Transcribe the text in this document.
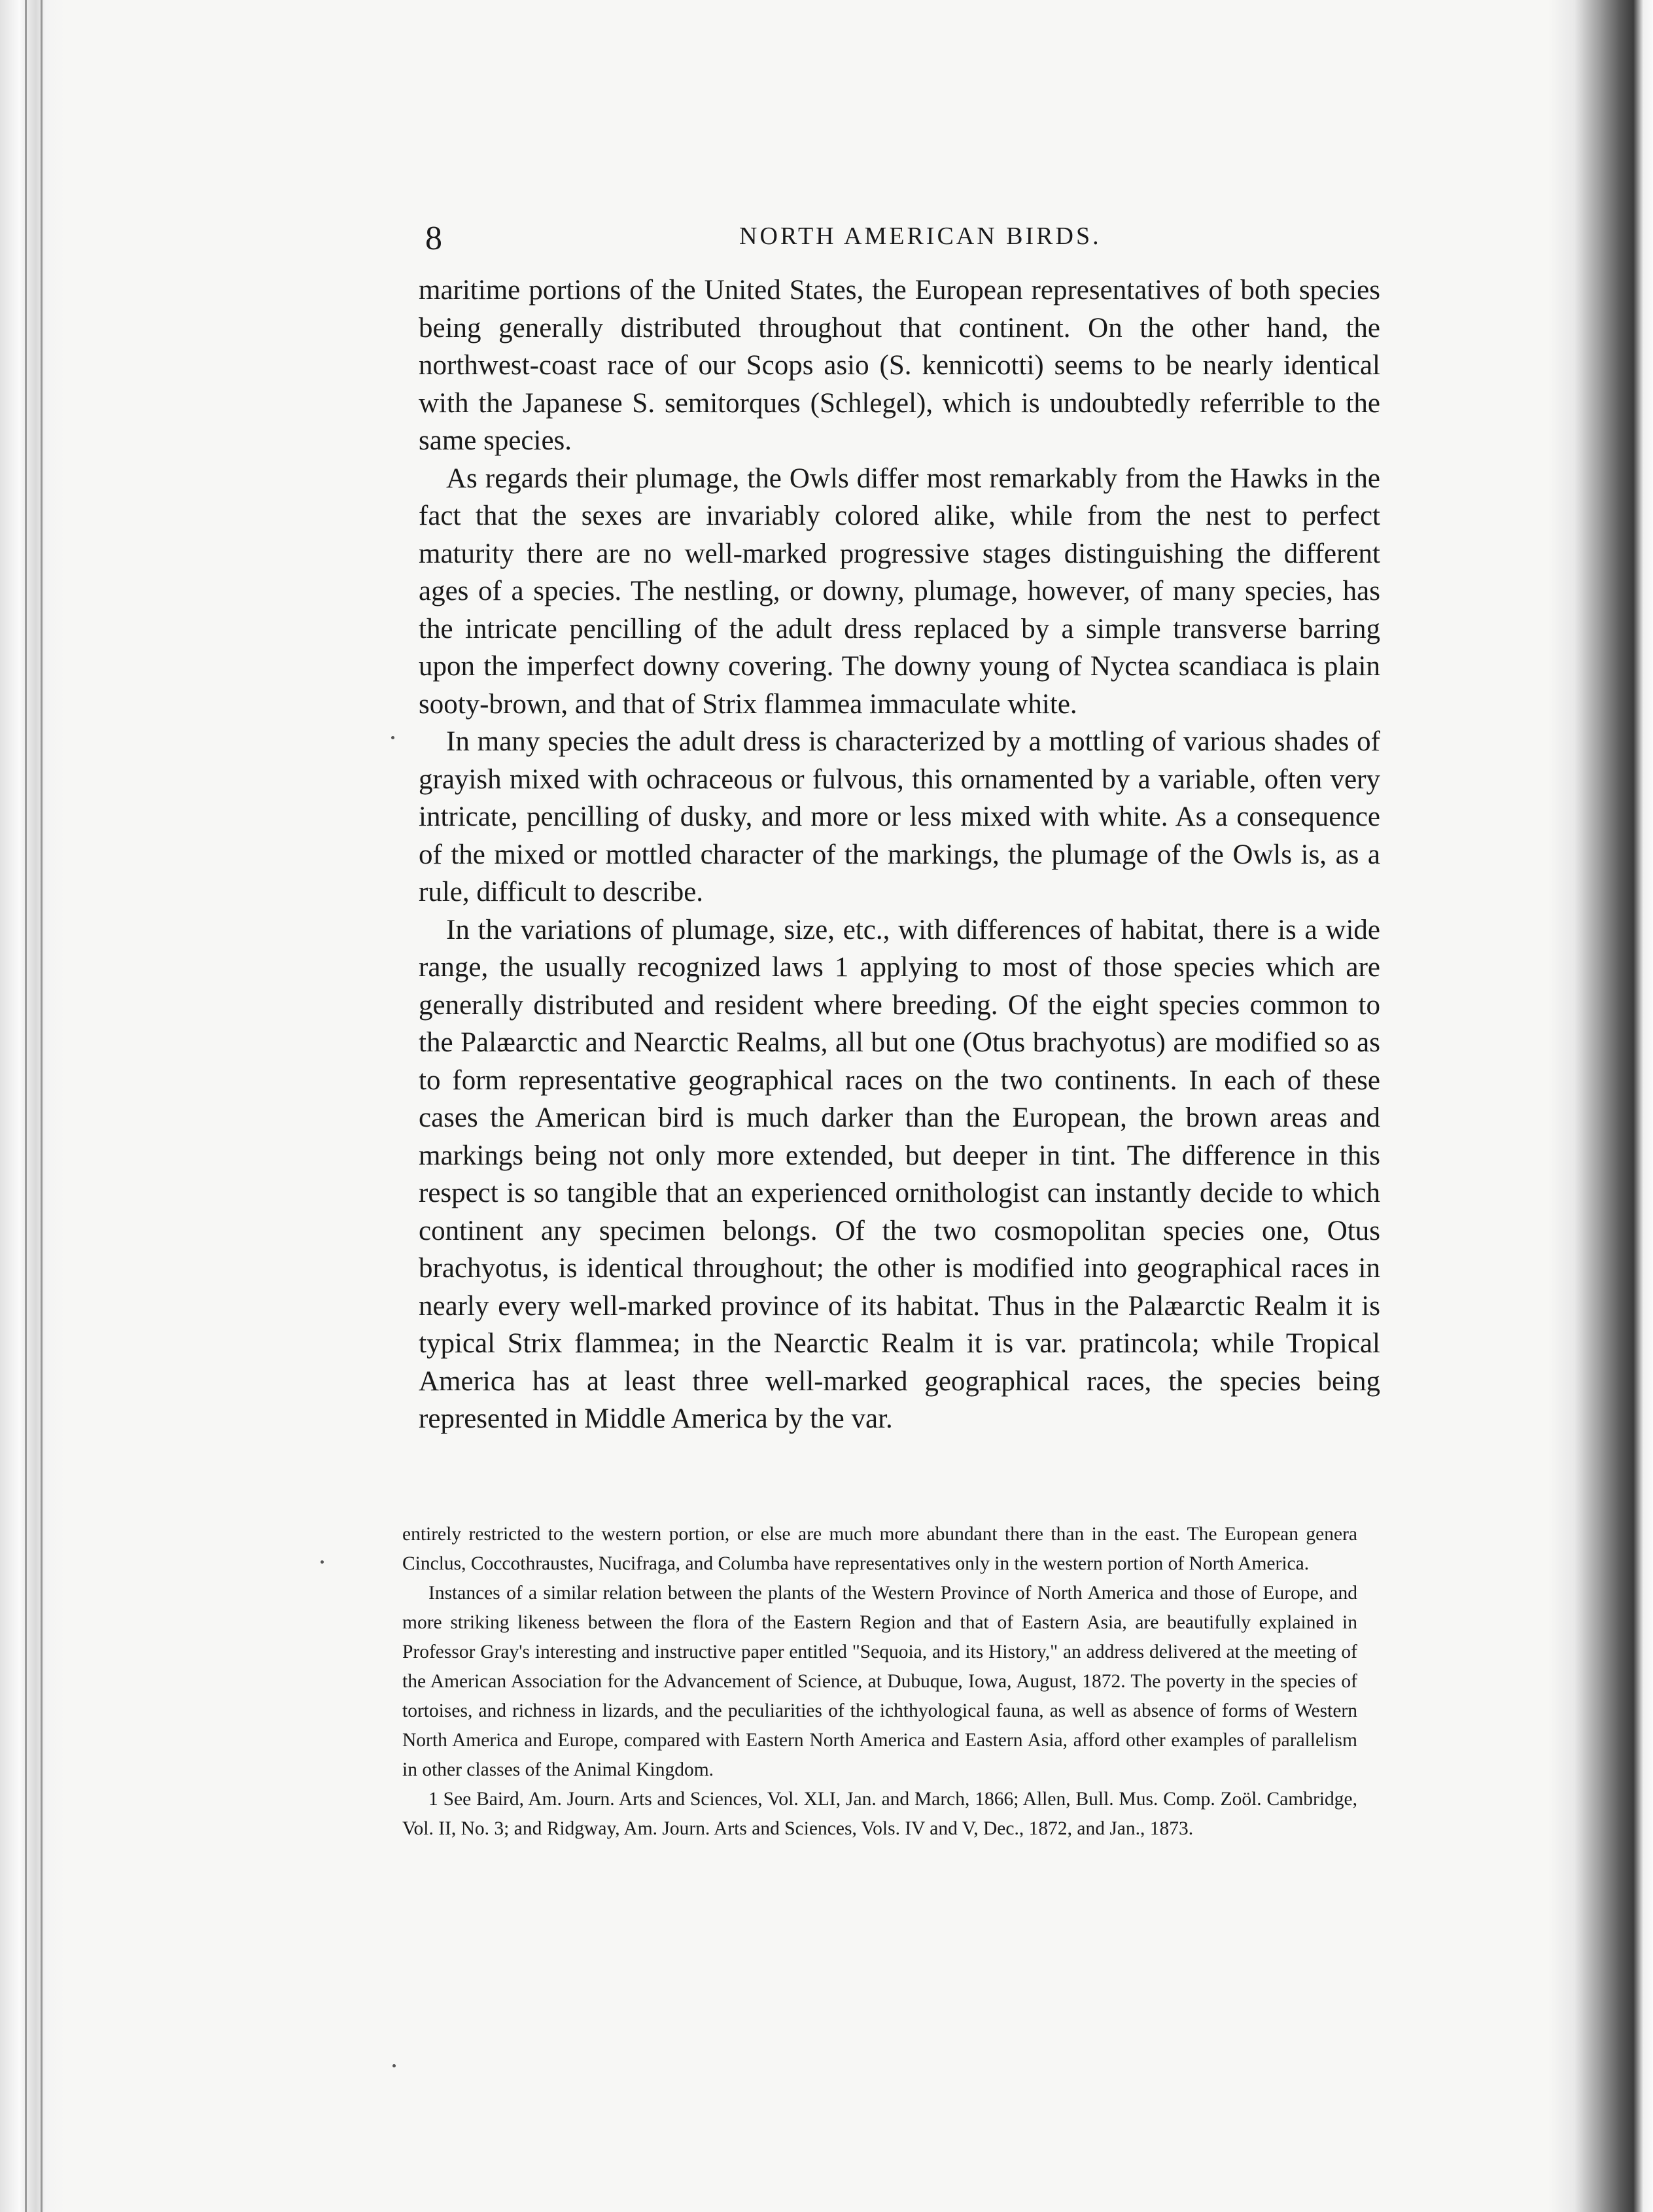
8	NORTH AMERICAN BIRDS.

maritime portions of the United States, the European representatives of both species being generally distributed throughout that continent. On the other hand, the northwest-coast race of our Scops asio (S. kennicotti) seems to be nearly identical with the Japanese S. semitorques (Schlegel), which is undoubtedly referrible to the same species.

As regards their plumage, the Owls differ most remarkably from the Hawks in the fact that the sexes are invariably colored alike, while from the nest to perfect maturity there are no well-marked progressive stages distinguishing the different ages of a species. The nestling, or downy, plumage, however, of many species, has the intricate pencilling of the adult dress replaced by a simple transverse barring upon the imperfect downy covering. The downy young of Nyctea scandiaca is plain sooty-brown, and that of Strix flammea immaculate white.

In many species the adult dress is characterized by a mottling of various shades of grayish mixed with ochraceous or fulvous, this ornamented by a variable, often very intricate, pencilling of dusky, and more or less mixed with white. As a consequence of the mixed or mottled character of the markings, the plumage of the Owls is, as a rule, difficult to describe.

In the variations of plumage, size, etc., with differences of habitat, there is a wide range, the usually recognized laws 1 applying to most of those species which are generally distributed and resident where breeding. Of the eight species common to the Palæarctic and Nearctic Realms, all but one (Otus brachyotus) are modified so as to form representative geographical races on the two continents. In each of these cases the American bird is much darker than the European, the brown areas and markings being not only more extended, but deeper in tint. The difference in this respect is so tangible that an experienced ornithologist can instantly decide to which continent any specimen belongs. Of the two cosmopolitan species one, Otus brachyotus, is identical throughout; the other is modified into geographical races in nearly every well-marked province of its habitat. Thus in the Palæarctic Realm it is typical Strix flammea; in the Nearctic Realm it is var. pratincola; while Tropical America has at least three well-marked geographical races, the species being represented in Middle America by the var.

entirely restricted to the western portion, or else are much more abundant there than in the east. The European genera Cinclus, Coccothraustes, Nucifraga, and Columba have representatives only in the western portion of North America.

Instances of a similar relation between the plants of the Western Province of North America and those of Europe, and more striking likeness between the flora of the Eastern Region and that of Eastern Asia, are beautifully explained in Professor Gray's interesting and instructive paper entitled "Sequoia, and its History," an address delivered at the meeting of the American Association for the Advancement of Science, at Dubuque, Iowa, August, 1872. The poverty in the species of tortoises, and richness in lizards, and the peculiarities of the ichthyological fauna, as well as absence of forms of Western North America and Europe, compared with Eastern North America and Eastern Asia, afford other examples of parallelism in other classes of the Animal Kingdom.

1 See Baird, Am. Journ. Arts and Sciences, Vol. XLI, Jan. and March, 1866; Allen, Bull. Mus. Comp. Zoöl. Cambridge, Vol. II, No. 3; and Ridgway, Am. Journ. Arts and Sciences, Vols. IV and V, Dec., 1872, and Jan., 1873.
